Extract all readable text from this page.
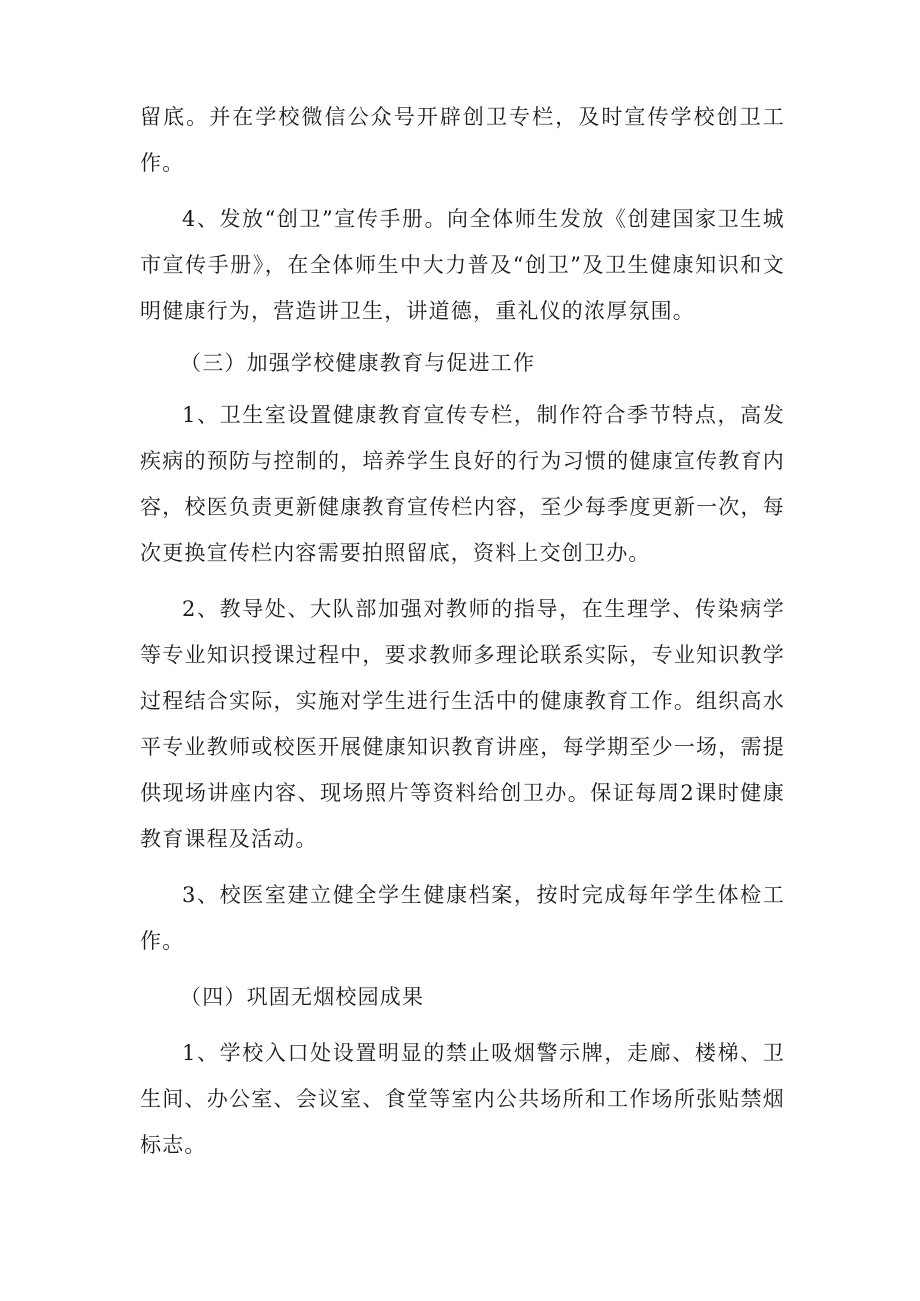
留底。并在学校微信公众号开辟创卫专栏，及时宣传学校创卫工作。

4、发放“创卫”宣传手册。向全体师生发放《创建国家卫生城市宣传手册》，在全体师生中大力普及“创卫”及卫生健康知识和文明健康行为，营造讲卫生，讲道德，重礼仪的浓厚氛围。

（三）加强学校健康教育与促进工作

1、卫生室设置健康教育宣传专栏，制作符合季节特点，高发疾病的预防与控制的，培养学生良好的行为习惯的健康宣传教育内容，校医负责更新健康教育宣传栏内容，至少每季度更新一次，每次更换宣传栏内容需要拍照留底，资料上交创卫办。

2、教导处、大队部加强对教师的指导，在生理学、传染病学等专业知识授课过程中，要求教师多理论联系实际，专业知识教学过程结合实际，实施对学生进行生活中的健康教育工作。组织高水平专业教师或校医开展健康知识教育讲座，每学期至少一场，需提供现场讲座内容、现场照片等资料给创卫办。保证每周2课时健康教育课程及活动。

3、校医室建立健全学生健康档案，按时完成每年学生体检工作。

（四）巩固无烟校园成果

1、学校入口处设置明显的禁止吸烟警示牌，走廊、楼梯、卫生间、办公室、会议室、食堂等室内公共场所和工作场所张贴禁烟标志。
